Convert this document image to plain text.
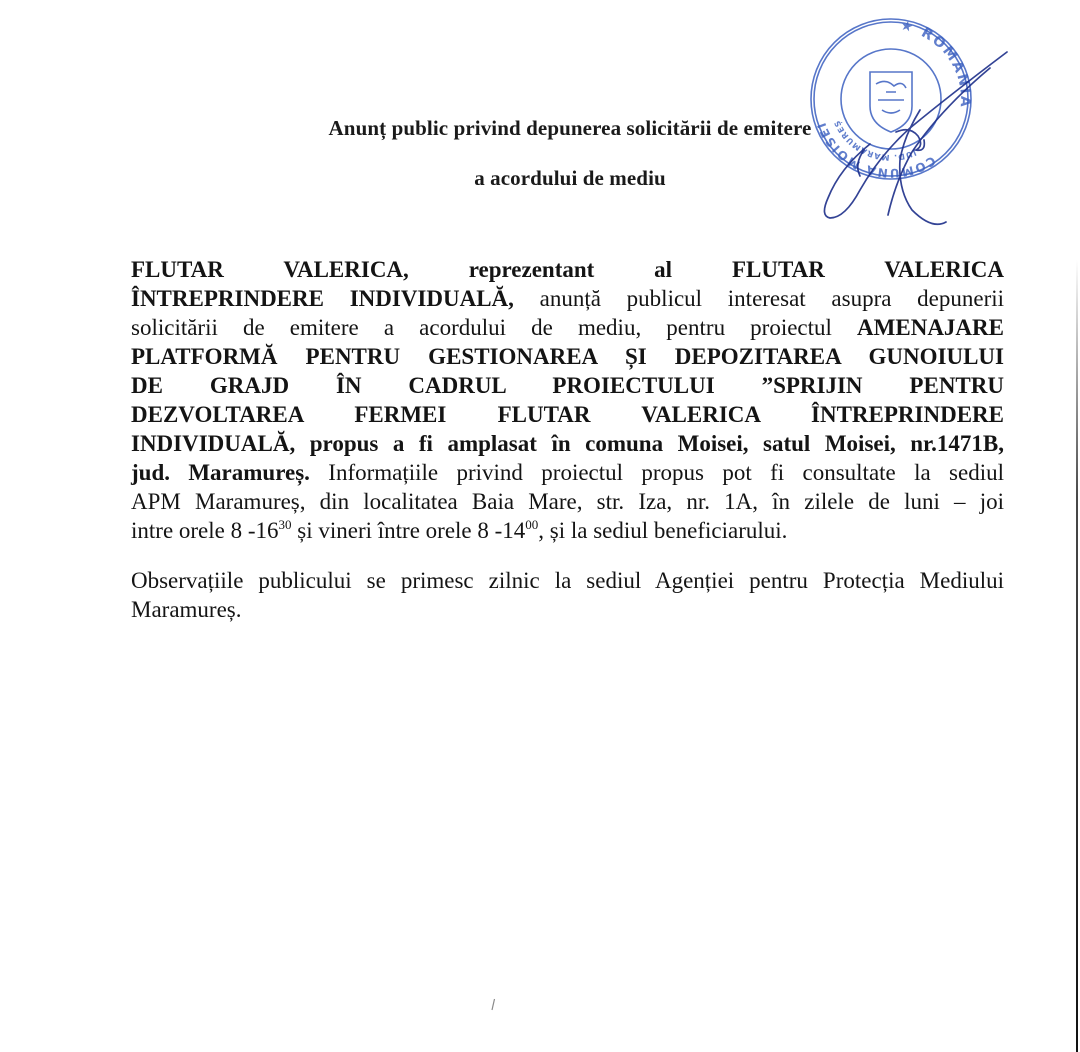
★ ROMANIA
COMUNA MOISEI
JUD. MARAMUREȘ
Anunț public privind depunerea solicitării de emitere
a acordului de mediu
FLUTAR VALERICA,	reprezentant al FLUTAR VALERICA
ÎNTREPRINDERE INDIVIDUALĂ, anunță publicul interesat asupra depunerii
solicitării de emitere a acordului de mediu, pentru proiectul AMENAJARE
PLATFORMĂ PENTRU GESTIONAREA ȘI DEPOZITAREA GUNOIULUI
DE GRAJD ÎN CADRUL PROIECTULUI ”SPRIJIN PENTRU
DEZVOLTAREA FERMEI FLUTAR VALERICA ÎNTREPRINDERE
INDIVIDUALĂ, propus a fi amplasat în comuna Moisei, satul Moisei, nr.1471B,
jud. Maramureș. Informațiile privind proiectul propus pot fi consultate la sediul
APM Maramureș, din localitatea Baia Mare, str. Iza, nr. 1A, în zilele de luni – joi
intre orele 8 $-16^{30}$ și vineri între orele 8 $-14^{00}$, și la sediul beneficiarului.
Observațiile publicului se primesc zilnic la sediul Agenției pentru Protecția Mediului
Maramureș.
